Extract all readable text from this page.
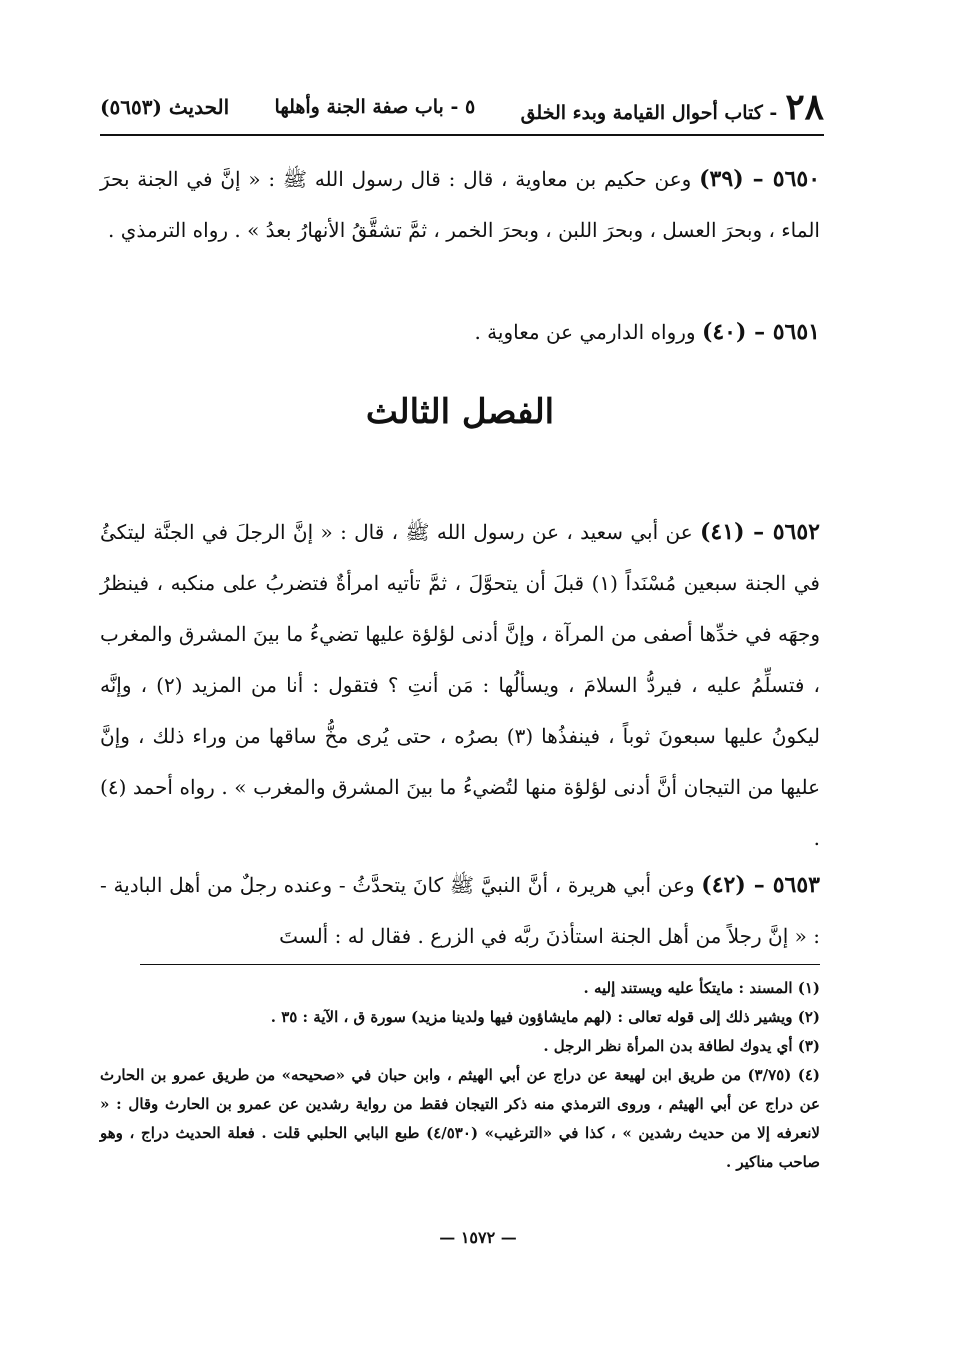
٢٨
- كتاب أحوال القيامة وبدء الخلق
٥ - باب صفة الجنة وأهلها
الحديث (٥٦٥٣)
٥٦٥٠ – (٣٩) وعن حكيم بن معاوية ، قال : قال رسول الله ﷺ : « إنَّ في الجنة بحرَ الماء ، وبحرَ العسل ، وبحرَ اللبن ، وبحرَ الخمر ، ثمَّ تشقَّقُ الأنهارُ بعدُ » . رواه الترمذي .
٥٦٥١ – (٤٠) ورواه الدارمي عن معاوية .
الفصل الثالث
٥٦٥٢ – (٤١) عن أبي سعيد ، عن رسول الله ﷺ ، قال : « إنَّ الرجلَ في الجنَّة ليتكئُ في الجنة سبعين مُسْنَداً (١) قبلَ أن يتحوَّلَ ، ثمَّ تأتيه امرأةٌ فتضربُ على منكبه ، فينظرُ وجهَه في خدِّها أصفى من المرآة ، وإنَّ أدنى لؤلؤة عليها تضيءُ ما بينَ المشرق والمغرب ، فتسلِّمُ عليه ، فيردُّ السلامَ ، ويسألُها : مَن أنتِ ؟ فتقول : أنا من المزيد (٢) ، وإنَّه ليكونُ عليها سبعونَ ثوباً ، فينفذُها (٣) بصرُه ، حتى يُرى مخُّ ساقها من وراء ذلك ، وإنَّ عليها من التيجان أنَّ أدنى لؤلؤة منها لتُضيءُ ما بينَ المشرق والمغرب » . رواه أحمد (٤) .
٥٦٥٣ – (٤٢) وعن أبي هريرة ، أنَّ النبيَّ ﷺ كانَ يتحدَّثُ - وعنده رجلٌ من أهل البادية - : « إنَّ رجلاً من أهل الجنة استأذنَ ربَّه في الزرع . فقال له : ألستَ

(١) المسند : مايتكأ عليه ويستند إليه .

(٢) ويشير ذلك إلى قوله تعالى : (لهم مايشاؤون فيها ولدينا مزيد) سورة ق ، الآية : ٣٥ .

(٣) أي يدوك لطافة بدن المرأة نظر الرجل .

(٤) (٣/٧٥) من طريق ابن لهيعة عن دراج عن أبي الهيثم ، وابن حبان في «صحيحه» من طريق عمرو بن الحارث عن دراج عن أبي الهيثم ، وروى الترمذي منه ذكر التيجان فقط من رواية رشدين عن عمرو بن الحارث وقال : « لانعرفه إلا من حديث رشدين » ، كذا في «الترغيب» (٤/٥٣٠) طبع البابي الحلبي قلت . فعلة الحديث دراج ، وهو صاحب مناكير .

— ١٥٧٢ —
